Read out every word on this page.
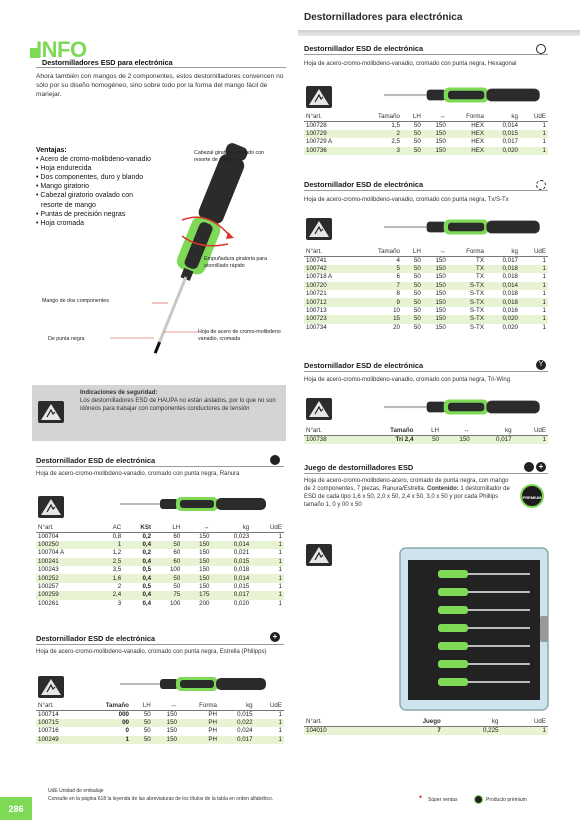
Destornilladores para electrónica
INFO
Destornilladores ESD para electrónica
Ahora también con mangos de 2 componentes, estos destornilladores convencen no sólo por su diseño homogéneo, sino sobre todo por la forma del mango fácil de manejar.
Ventajas:
• Acero de cromo-molibdeno-vanadio
• Hoja endurecida
• Dos componentes, duro y blando
• Mango giratorio
• Cabezal giratorio ovalado con resorte de mango
• Puntas de precisión negras
• Hoja cromada
Cabezal giratorio ovalado con resorte de mango
Empuñadura giratoria para atornillado rápido
Mango de dos componentes
De punta negra
Hoja de acero de cromo-molibdeno vanadio, cromada
Indicaciones de seguridad:
Los destornilladores ESD de HAUPA no están aislados, por lo que no son idóneos para trabajar con componentes conductores de tensión
Destornillador ESD de electrónica
Hoja de acero-cromo-molibdeno-vanadio, cromado con punta negra, Ranura
N°art.	AC	KSt	LH	↔	kg	UdE
100704	0,8	0,2	60	150	0,023	1
100250	1	0,4	50	150	0,014	1
100704 A	1,2	0,2	60	150	0,021	1
100241	2,5	0,4	60	150	0,015	1
100243	3,5	0,5	100	150	0,018	1
100252	1,6	0,4	50	150	0,014	1
100257	2	0,5	50	150	0,015	1
100259	2,4	0,4	75	175	0,017	1
100261	3	0,4	100	200	0,020	1
Destornillador ESD de electrónica	+
Hoja de acero-cromo-molibdeno-vanadio, cromado con punta negra, Estrella (Philipps)
N°art.	Tamaño	LH	↔	Forma	kg	UdE
100714	000	50	150	PH	0,015	1
100715	00	50	150	PH	0,022	1
100716	0	50	150	PH	0,024	1
100249	1	50	150	PH	0,017	1
Destornillador ESD de electrónica
Hoja de acero-cromo-molibdeno-vanadio, cromado con punta negra, Hexagonal
N°art.	Tamaño	LH	↔	Forma	kg	UdE
100728	1,5	50	150	HEX	0,014	1
100729	2	50	150	HEX	0,015	1
100729 A	2,5	50	150	HEX	0,017	1
100736	3	50	150	HEX	0,020	1
Destornillador ESD de electrónica
Hoja de acero-cromo-molibdeno-vanadio, cromado con punta negra, Tx/S-Tx
N°art.	Tamaño	LH	↔	Forma	kg	UdE
100741	4	50	150	TX	0,017	1
100742	5	50	150	TX	0,018	1
100718 A	6	50	150	TX	0,018	1
100720	7	50	150	S-TX	0,014	1
100721	8	50	150	S-TX	0,018	1
100712	9	50	150	S-TX	0,018	1
100713	10	50	150	S-TX	0,016	1
100723	15	50	150	S-TX	0,020	1
100734	20	50	150	S-TX	0,020	1
Destornillador ESD de electrónica	Y
Hoja de acero-cromo-molibdeno-vanadio, cromado con punta negra, Tri-Wing
N°art.	Tamaño	LH	↔	kg	UdE
100738	Tri 2,4	50	150	0,017	1
Juego de destornilladores ESD	+
Hoja de acero-cromo-molibdeno-acero, cromado de punta negra, con mango de 2 componentes, 7 piezas, Ranura/Estrella. Contenido: 1 destornillador de ESD de cada tipo 1,6 x 50, 2,0 x 50, 2,4 x 50, 3,0 x 50 y por cada Phillips tamaño 1, 0 y 00 x 50
PREMIUM
N°art.	Juego	kg	UdE
104010	7	0,225	1
UdE Unidad de embalaje
Consulte en la página 618 la leyenda de las abreviaturas de los títulos de la tabla en orden alfabético.	✦ Súper ventas	Producto prémium
286
